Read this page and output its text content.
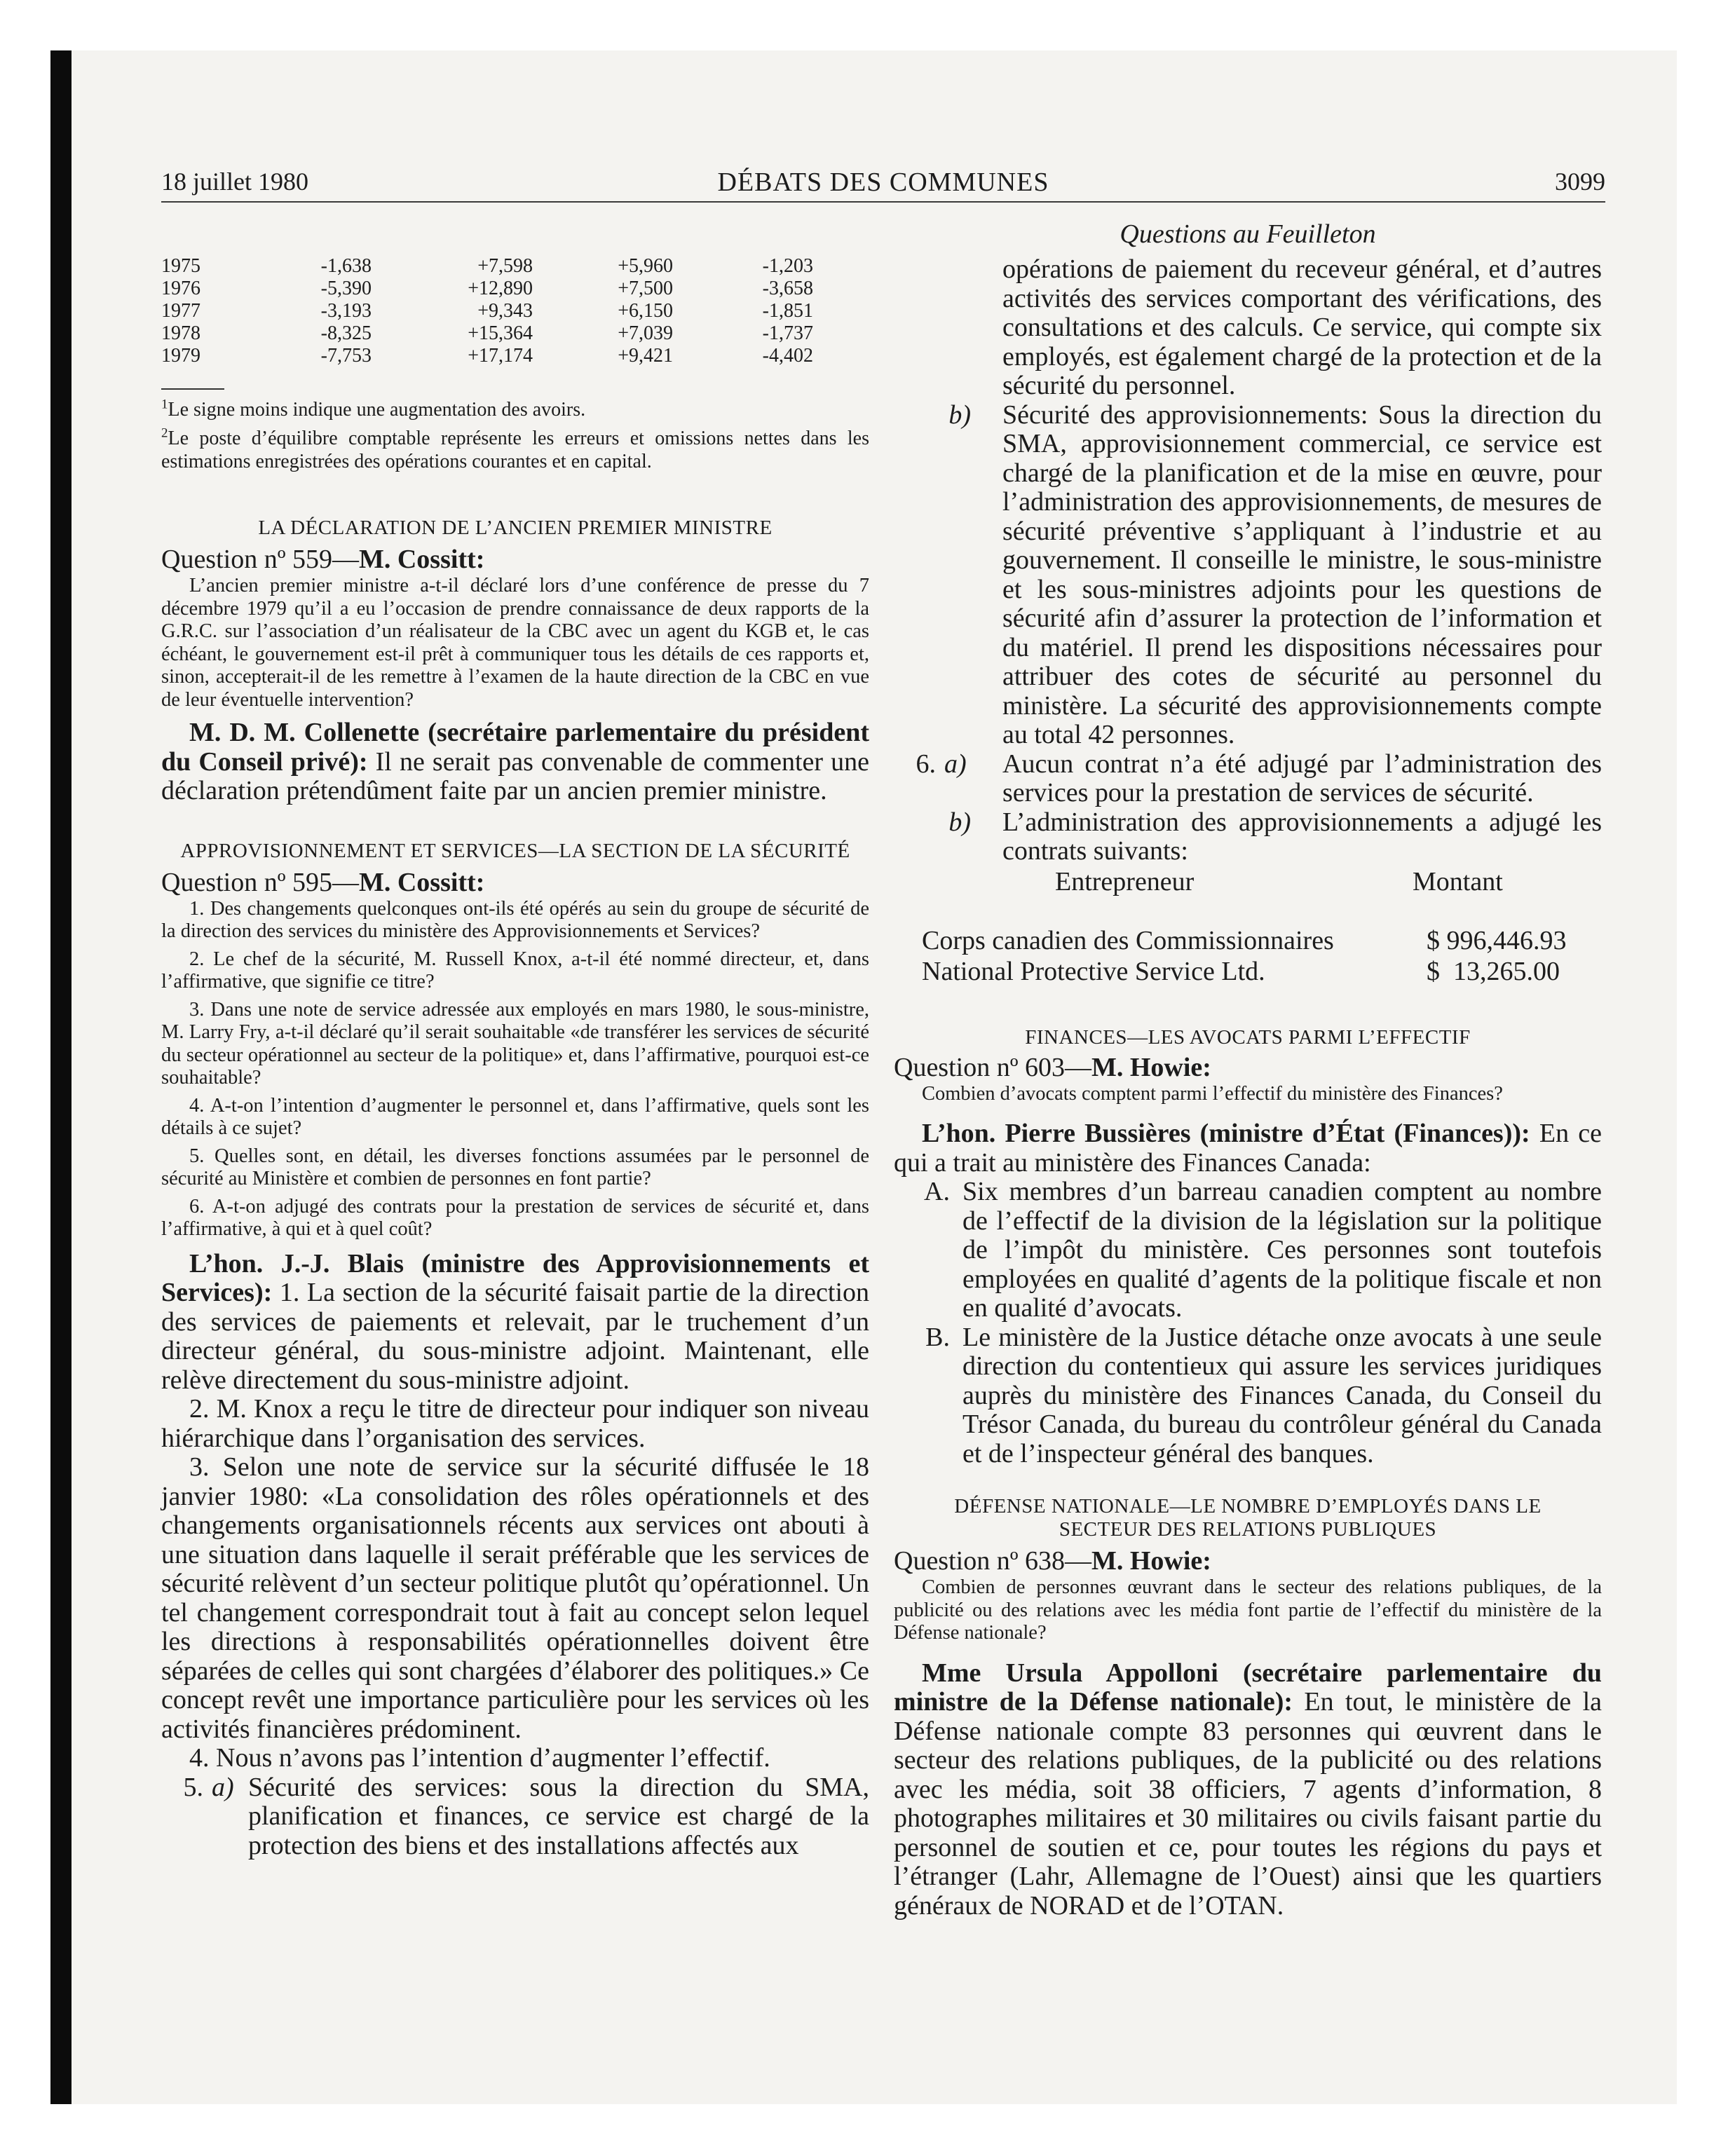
18 juillet 1980	DÉBATS DES COMMUNES	3099
Questions au Feuilleton
1975	-1,638	+7,598	+5,960	-1,203
1976	-5,390	+12,890	+7,500	-3,658
1977	-3,193	+9,343	+6,150	-1,851
1978	-8,325	+15,364	+7,039	-1,737
1979	-7,753	+17,174	+9,421	-4,402
$^1$Le signe moins indique une augmentation des avoirs.
$^2$Le poste d’équilibre comptable représente les erreurs et omissions nettes dans les estimations enregistrées des opérations courantes et en capital.
LA DÉCLARATION DE L’ANCIEN PREMIER MINISTRE
Question nº 559—M. Cossitt:
L’ancien premier ministre a-t-il déclaré lors d’une conférence de presse du 7 décembre 1979 qu’il a eu l’occasion de prendre connaissance de deux rapports de la G.R.C. sur l’association d’un réalisateur de la CBC avec un agent du KGB et, le cas échéant, le gouvernement est-il prêt à communiquer tous les détails de ces rapports et, sinon, accepterait-il de les remettre à l’examen de la haute direction de la CBC en vue de leur éventuelle intervention?
M. D. M. Collenette (secrétaire parlementaire du président du Conseil privé): Il ne serait pas convenable de commenter une déclaration prétendûment faite par un ancien premier ministre.
APPROVISIONNEMENT ET SERVICES—LA SECTION DE LA SÉCURITÉ
Question nº 595—M. Cossitt:
1. Des changements quelconques ont-ils été opérés au sein du groupe de sécurité de la direction des services du ministère des Approvisionnements et Services?
2. Le chef de la sécurité, M. Russell Knox, a-t-il été nommé directeur, et, dans l’affirmative, que signifie ce titre?
3. Dans une note de service adressée aux employés en mars 1980, le sous-ministre, M. Larry Fry, a-t-il déclaré qu’il serait souhaitable «de transférer les services de sécurité du secteur opérationnel au secteur de la politique» et, dans l’affirmative, pourquoi est-ce souhaitable?
4. A-t-on l’intention d’augmenter le personnel et, dans l’affirmative, quels sont les détails à ce sujet?
5. Quelles sont, en détail, les diverses fonctions assumées par le personnel de sécurité au Ministère et combien de personnes en font partie?
6. A-t-on adjugé des contrats pour la prestation de services de sécurité et, dans l’affirmative, à qui et à quel coût?
L’hon. J.-J. Blais (ministre des Approvisionnements et Services): 1. La section de la sécurité faisait partie de la direction des services de paiements et relevait, par le truchement d’un directeur général, du sous-ministre adjoint. Maintenant, elle relève directement du sous-ministre adjoint.
2. M. Knox a reçu le titre de directeur pour indiquer son niveau hiérarchique dans l’organisation des services.
3. Selon une note de service sur la sécurité diffusée le 18 janvier 1980: «La consolidation des rôles opérationnels et des changements organisationnels récents aux services ont abouti à une situation dans laquelle il serait préférable que les services de sécurité relèvent d’un secteur politique plutôt qu’opérationnel. Un tel changement correspondrait tout à fait au concept selon lequel les directions à responsabilités opérationnelles doivent être séparées de celles qui sont chargées d’élaborer des politiques.» Ce concept revêt une importance particulière pour les services où les activités financières prédominent.
4. Nous n’avons pas l’intention d’augmenter l’effectif.
5. a) Sécurité des services: sous la direction du SMA, planification et finances, ce service est chargé de la protection des biens et des installations affectés aux
opérations de paiement du receveur général, et d’autres activités des services comportant des vérifications, des consultations et des calculs. Ce service, qui compte six employés, est également chargé de la protection et de la sécurité du personnel.
b)	Sécurité des approvisionnements: Sous la direction du SMA, approvisionnement commercial, ce service est chargé de la planification et de la mise en œuvre, pour l’administration des approvisionnements, de mesures de sécurité préventive s’appliquant à l’industrie et au gouvernement. Il conseille le ministre, le sous-ministre et les sous-ministres adjoints pour les questions de sécurité afin d’assurer la protection de l’information et du matériel. Il prend les dispositions nécessaires pour attribuer des cotes de sécurité au personnel du ministère. La sécurité des approvisionnements compte au total 42 personnes.
6. a)	Aucun contrat n’a été adjugé par l’administration des services pour la prestation de services de sécurité.
b)	L’administration des approvisionnements a adjugé les contrats suivants:
Entrepreneur	Montant
Corps canadien des Commissionnaires	$ 996,446.93
National Protective Service Ltd.	$  13,265.00
FINANCES—LES AVOCATS PARMI L’EFFECTIF
Question nº 603—M. Howie:
Combien d’avocats comptent parmi l’effectif du ministère des Finances?
L’hon. Pierre Bussières (ministre d’État (Finances)): En ce qui a trait au ministère des Finances Canada:
A. Six membres d’un barreau canadien comptent au nombre de l’effectif de la division de la législation sur la politique de l’impôt du ministère. Ces personnes sont toutefois employées en qualité d’agents de la politique fiscale et non en qualité d’avocats.
B. Le ministère de la Justice détache onze avocats à une seule direction du contentieux qui assure les services juridiques auprès du ministère des Finances Canada, du Conseil du Trésor Canada, du bureau du contrôleur général du Canada et de l’inspecteur général des banques.
DÉFENSE NATIONALE—LE NOMBRE D’EMPLOYÉS DANS LE SECTEUR DES RELATIONS PUBLIQUES
Question nº 638—M. Howie:
Combien de personnes œuvrant dans le secteur des relations publiques, de la publicité ou des relations avec les média font partie de l’effectif du ministère de la Défense nationale?
Mme Ursula Appolloni (secrétaire parlementaire du ministre de la Défense nationale): En tout, le ministère de la Défense nationale compte 83 personnes qui œuvrent dans le secteur des relations publiques, de la publicité ou des relations avec les média, soit 38 officiers, 7 agents d’information, 8 photographes militaires et 30 militaires ou civils faisant partie du personnel de soutien et ce, pour toutes les régions du pays et l’étranger (Lahr, Allemagne de l’Ouest) ainsi que les quartiers généraux de NORAD et de l’OTAN.
